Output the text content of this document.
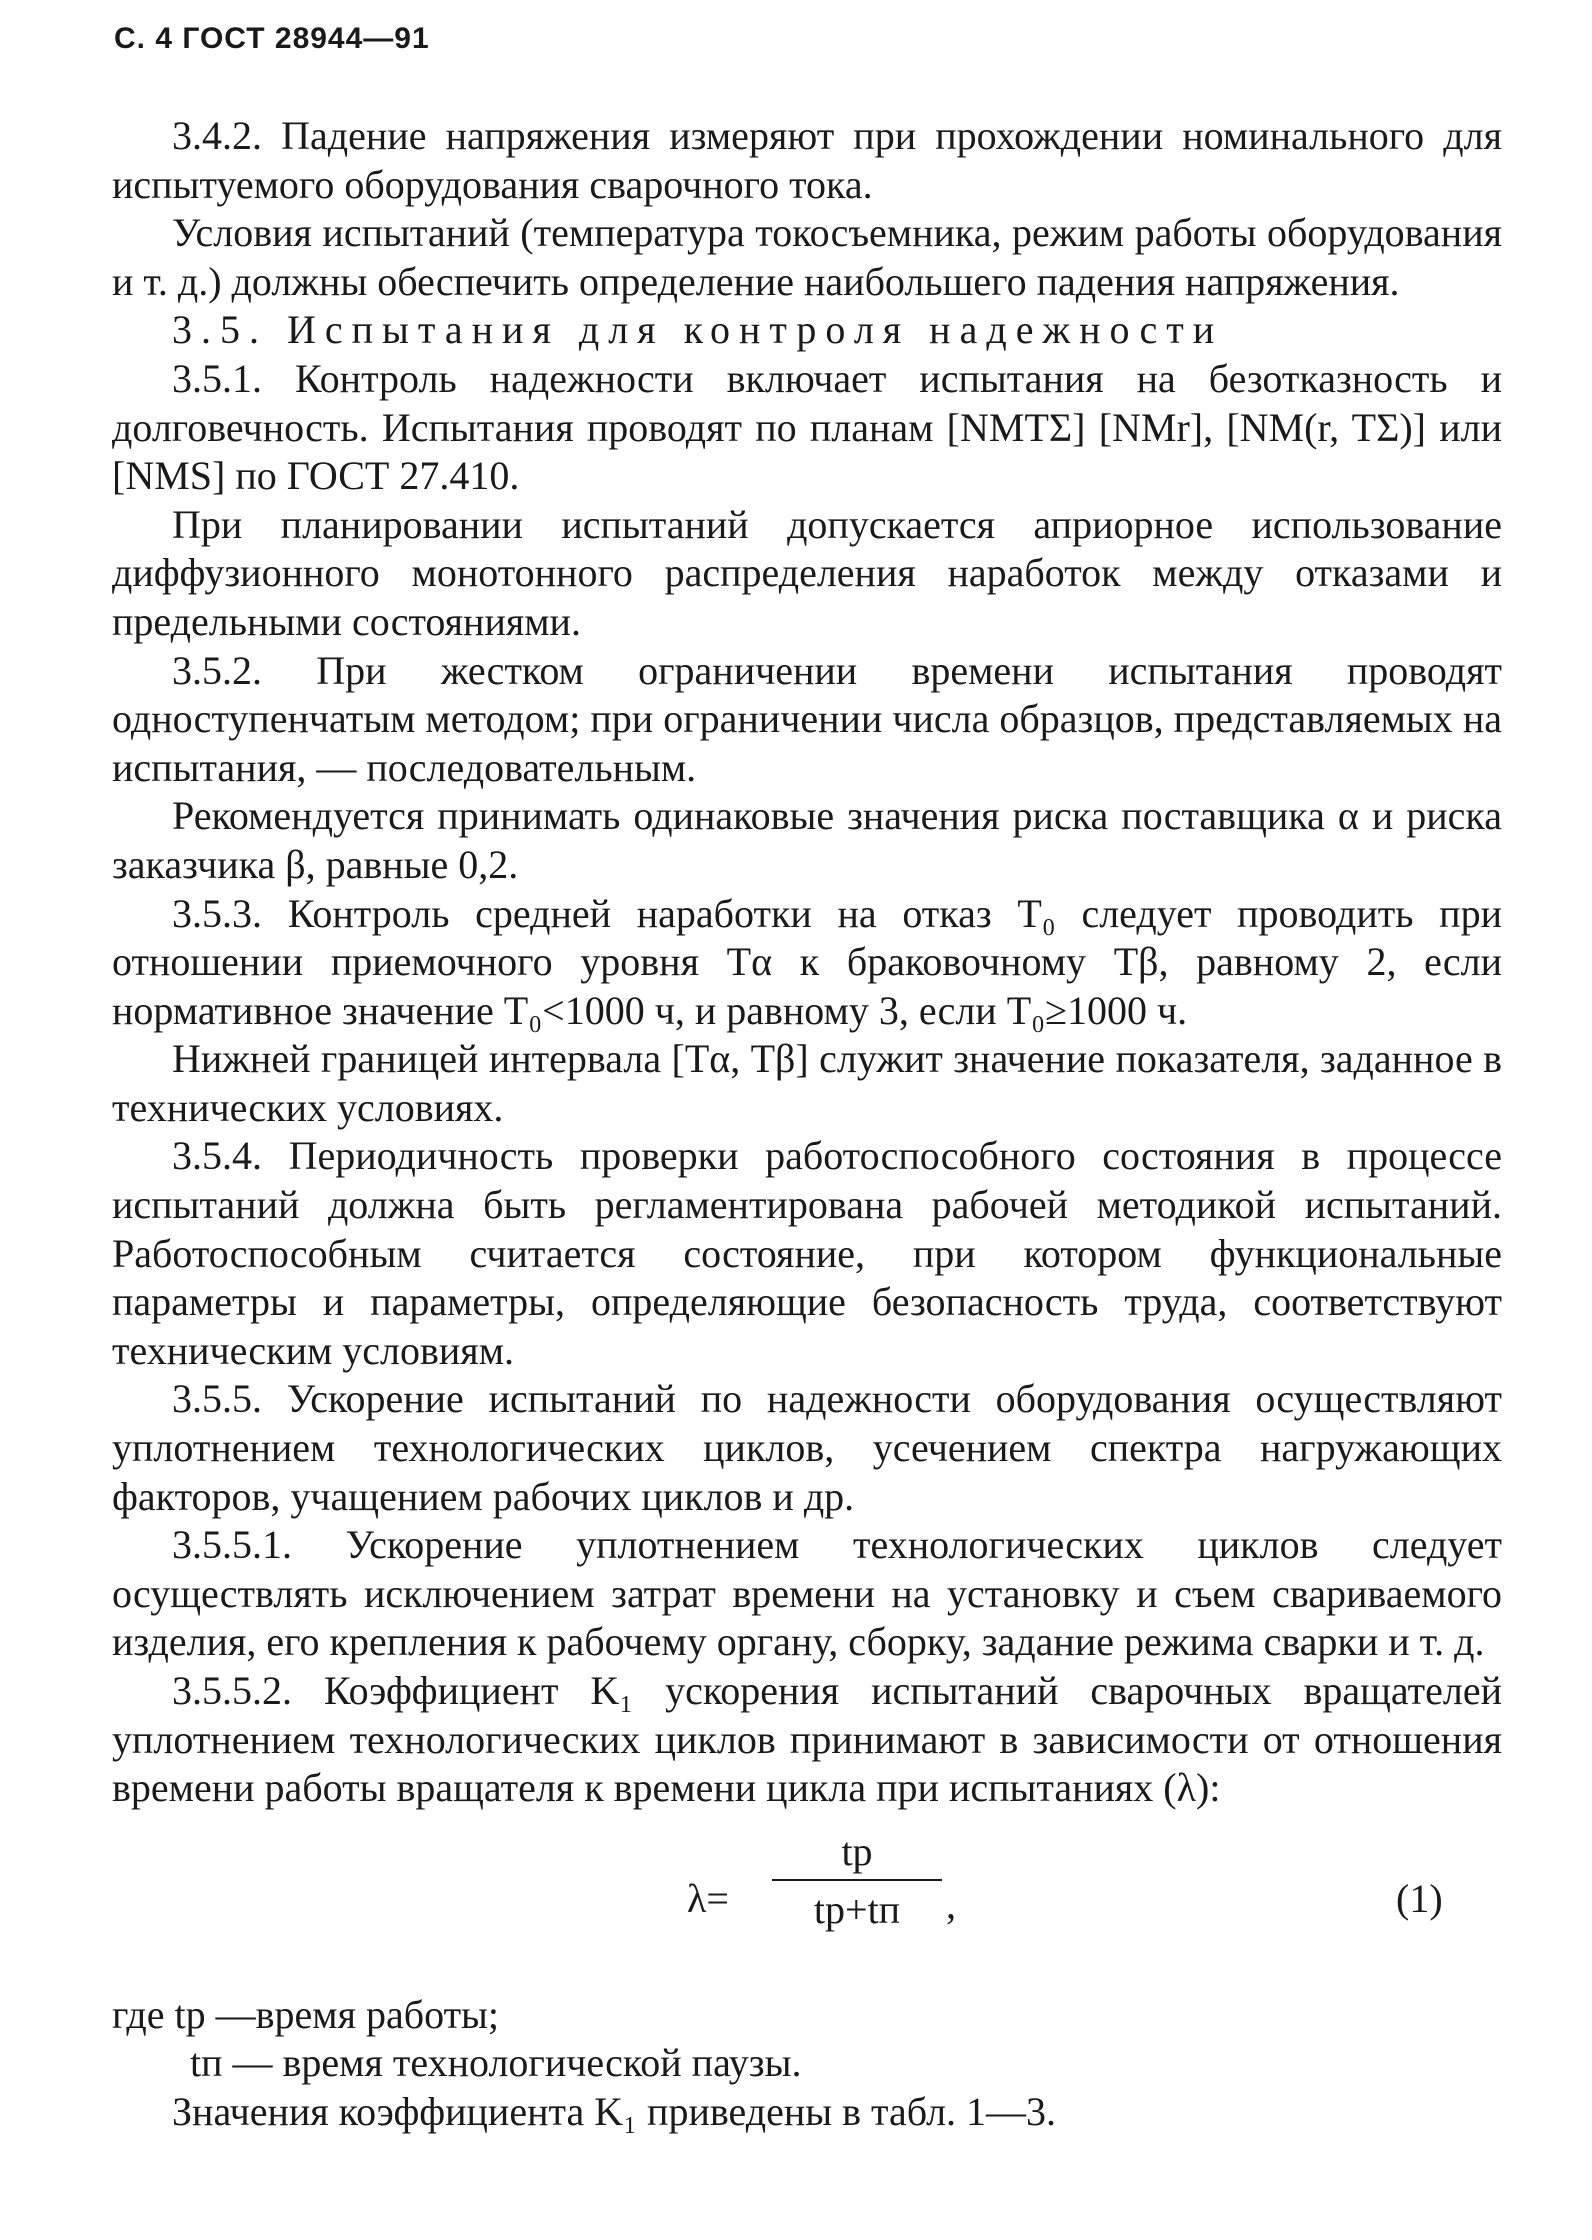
С. 4 ГОСТ 28944—91

3.4.2. Падение напряжения измеряют при прохождении номинального для испытуемого оборудования сварочного тока.

Условия испытаний (температура токосъемника, режим работы оборудования и т. д.) должны обеспечить определение наибольшего падения напряжения.

3.5. Испытания для контроля надежности

3.5.1. Контроль надежности включает испытания на безотказность и долговечность. Испытания проводят по планам [NMTΣ] [NMr], [NM(r, TΣ)] или [NMS] по ГОСТ 27.410.

При планировании испытаний допускается априорное использование диффузионного монотонного распределения наработок между отказами и предельными состояниями.

3.5.2. При жестком ограничении времени испытания проводят одноступенчатым методом; при ограничении числа образцов, представляемых на испытания, — последовательным.

Рекомендуется принимать одинаковые значения риска поставщика α и риска заказчика β, равные 0,2.

3.5.3. Контроль средней наработки на отказ T₀ следует проводить при отношении приемочного уровня Tα к браковочному Tβ, равному 2, если нормативное значение T₀<1000 ч, и равному 3, если T₀≥1000 ч.

Нижней границей интервала [Tα, Tβ] служит значение показателя, заданное в технических условиях.

3.5.4. Периодичность проверки работоспособного состояния в процессе испытаний должна быть регламентирована рабочей методикой испытаний. Работоспособным считается состояние, при котором функциональные параметры и параметры, определяющие безопасность труда, соответствуют техническим условиям.

3.5.5. Ускорение испытаний по надежности оборудования осуществляют уплотнением технологических циклов, усечением спектра нагружающих факторов, учащением рабочих циклов и др.

3.5.5.1. Ускорение уплотнением технологических циклов следует осуществлять исключением затрат времени на установку и съем свариваемого изделия, его крепления к рабочему органу, сборку, задание режима сварки и т. д.

3.5.5.2. Коэффициент K₁ ускорения испытаний сварочных вращателей уплотнением технологических циклов принимают в зависимости от отношения времени работы вращателя к времени цикла при испытаниях (λ):

λ=
tр
tр+tп	,	(1)
где tр —время работы;
tп — время технологической паузы.

Значения коэффициента K₁ приведены в табл. 1—3.
